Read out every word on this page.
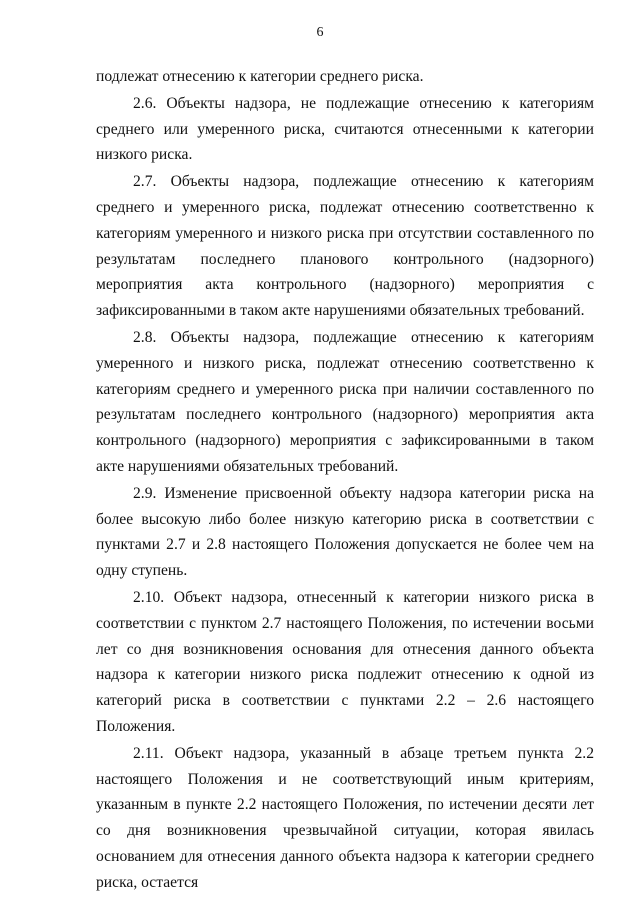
6

подлежат отнесению к категории среднего риска.

2.6. Объекты надзора, не подлежащие отнесению к категориям среднего или умеренного риска, считаются отнесенными к категории низкого риска.

2.7. Объекты надзора, подлежащие отнесению к категориям среднего и умеренного риска, подлежат отнесению соответственно к категориям умеренного и низкого риска при отсутствии составленного по результатам последнего планового контрольного (надзорного) мероприятия акта контрольного (надзорного) мероприятия с зафиксированными в таком акте нарушениями обязательных требований.

2.8. Объекты надзора, подлежащие отнесению к категориям умеренного и низкого риска, подлежат отнесению соответственно к категориям среднего и умеренного риска при наличии составленного по результатам последнего контрольного (надзорного) мероприятия акта контрольного (надзорного) мероприятия с зафиксированными в таком акте нарушениями обязательных требований.

2.9. Изменение присвоенной объекту надзора категории риска на более высокую либо более низкую категорию риска в соответствии с пунктами 2.7 и 2.8 настоящего Положения допускается не более чем на одну ступень.

2.10. Объект надзора, отнесенный к категории низкого риска в соответствии с пунктом 2.7 настоящего Положения, по истечении восьми лет со дня возникновения основания для отнесения данного объекта надзора к категории низкого риска подлежит отнесению к одной из категорий риска в соответствии с пунктами 2.2 – 2.6 настоящего Положения.

2.11. Объект надзора, указанный в абзаце третьем пункта 2.2 настоящего Положения и не соответствующий иным критериям, указанным в пункте 2.2 настоящего Положения, по истечении десяти лет со дня возникновения чрезвычайной ситуации, которая явилась основанием для отнесения данного объекта надзора к категории среднего риска, остается
